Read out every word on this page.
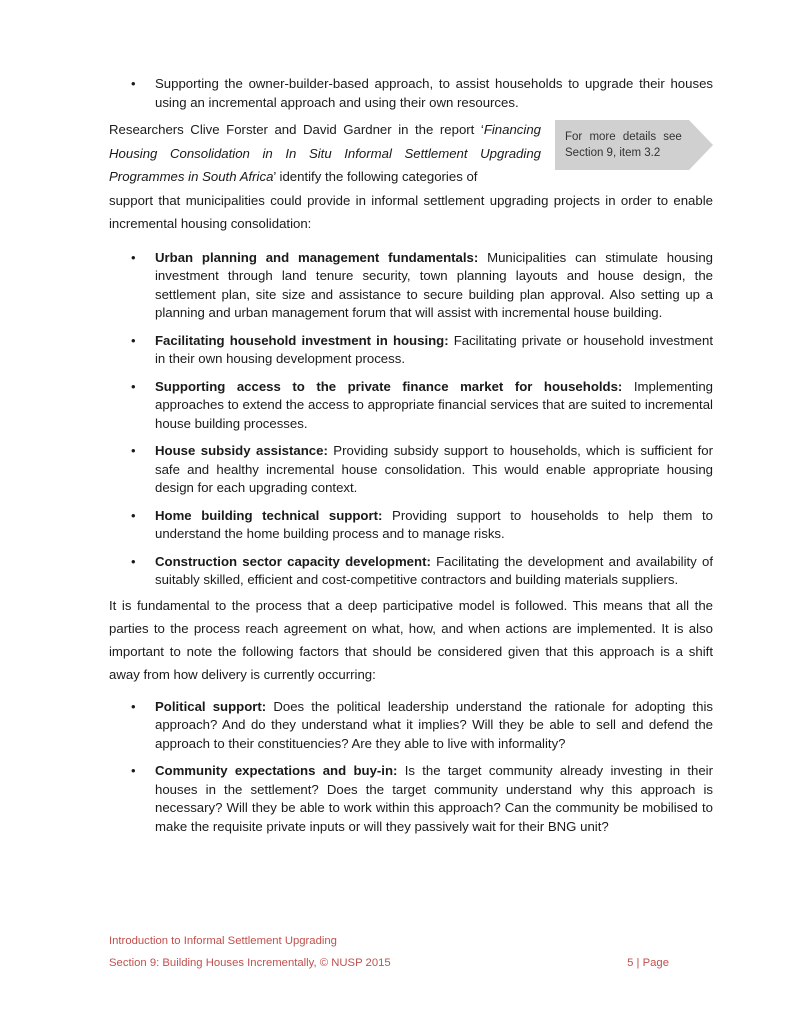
• Supporting the owner-builder-based approach, to assist households to upgrade their houses using an incremental approach and using their own resources.
Researchers Clive Forster and David Gardner in the report ‘Financing Housing Consolidation in In Situ Informal Settlement Upgrading Programmes in South Africa’ identify the following categories of
support that municipalities could provide in informal settlement upgrading projects in order to enable incremental housing consolidation:
For more details see
Section 9, item 3.2
• Urban planning and management fundamentals: Municipalities can stimulate housing investment through land tenure security, town planning layouts and house design, the settlement plan, site size and assistance to secure building plan approval. Also setting up a planning and urban management forum that will assist with incremental house building.
• Facilitating household investment in housing: Facilitating private or household investment in their own housing development process.
• Supporting access to the private finance market for households: Implementing approaches to extend the access to appropriate financial services that are suited to incremental house building processes.
• House subsidy assistance: Providing subsidy support to households, which is sufficient for safe and healthy incremental house consolidation. This would enable appropriate housing design for each upgrading context.
• Home building technical support: Providing support to households to help them to understand the home building process and to manage risks.
• Construction sector capacity development: Facilitating the development and availability of suitably skilled, efficient and cost-competitive contractors and building materials suppliers.

It is fundamental to the process that a deep participative model is followed. This means that all the parties to the process reach agreement on what, how, and when actions are implemented. It is also important to note the following factors that should be considered given that this approach is a shift away from how delivery is currently occurring:

• Political support: Does the political leadership understand the rationale for adopting this approach? And do they understand what it implies? Will they be able to sell and defend the approach to their constituencies? Are they able to live with informality?
• Community expectations and buy-in: Is the target community already investing in their houses in the settlement? Does the target community understand why this approach is necessary? Will they be able to work within this approach? Can the community be mobilised to make the requisite private inputs or will they passively wait for their BNG unit?
Introduction to Informal Settlement Upgrading
Section 9: Building Houses Incrementally, © NUSP 2015	5 | Page
